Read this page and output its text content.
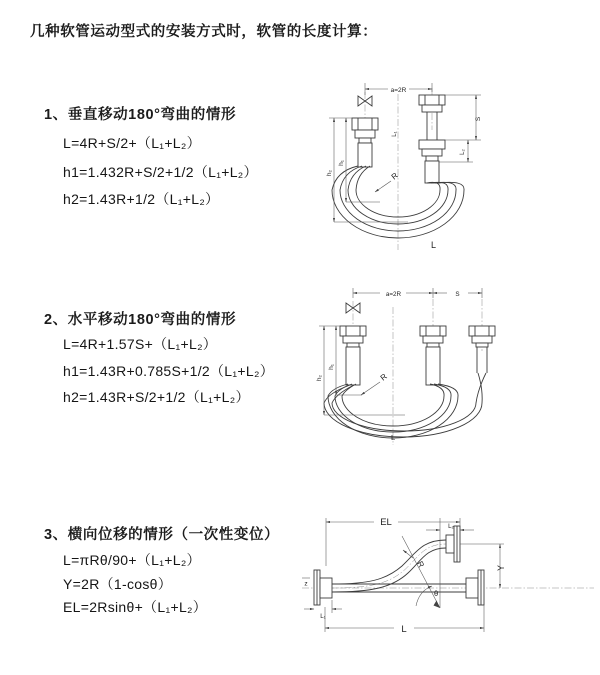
几种软管运动型式的安装方式时，软管的长度计算：
1、垂直移动180°弯曲的情形
L=4R+S/2+（L₁+L₂）
h1=1.432R+S/2+1/2（L₁+L₂）
h2=1.43R+1/2（L₁+L₂）
2、水平移动180°弯曲的情形
L=4R+1.57S+（L₁+L₂）
h1=1.43R+0.785S+1/2（L₁+L₂）
h2=1.43R+S/2+1/2（L₁+L₂）
3、横向位移的情形（一次性变位）
L=πRθ/90+（L₁+L₂）
Y=2R（1-cosθ）
EL=2Rsinθ+（L₁+L₂）
a=2R
h₂
h₁
L₁
S
L₂
R
L
a=2R	S
h₂
h₁
R
L
EL	L₂
Y
R
θ
L
L₁
z
